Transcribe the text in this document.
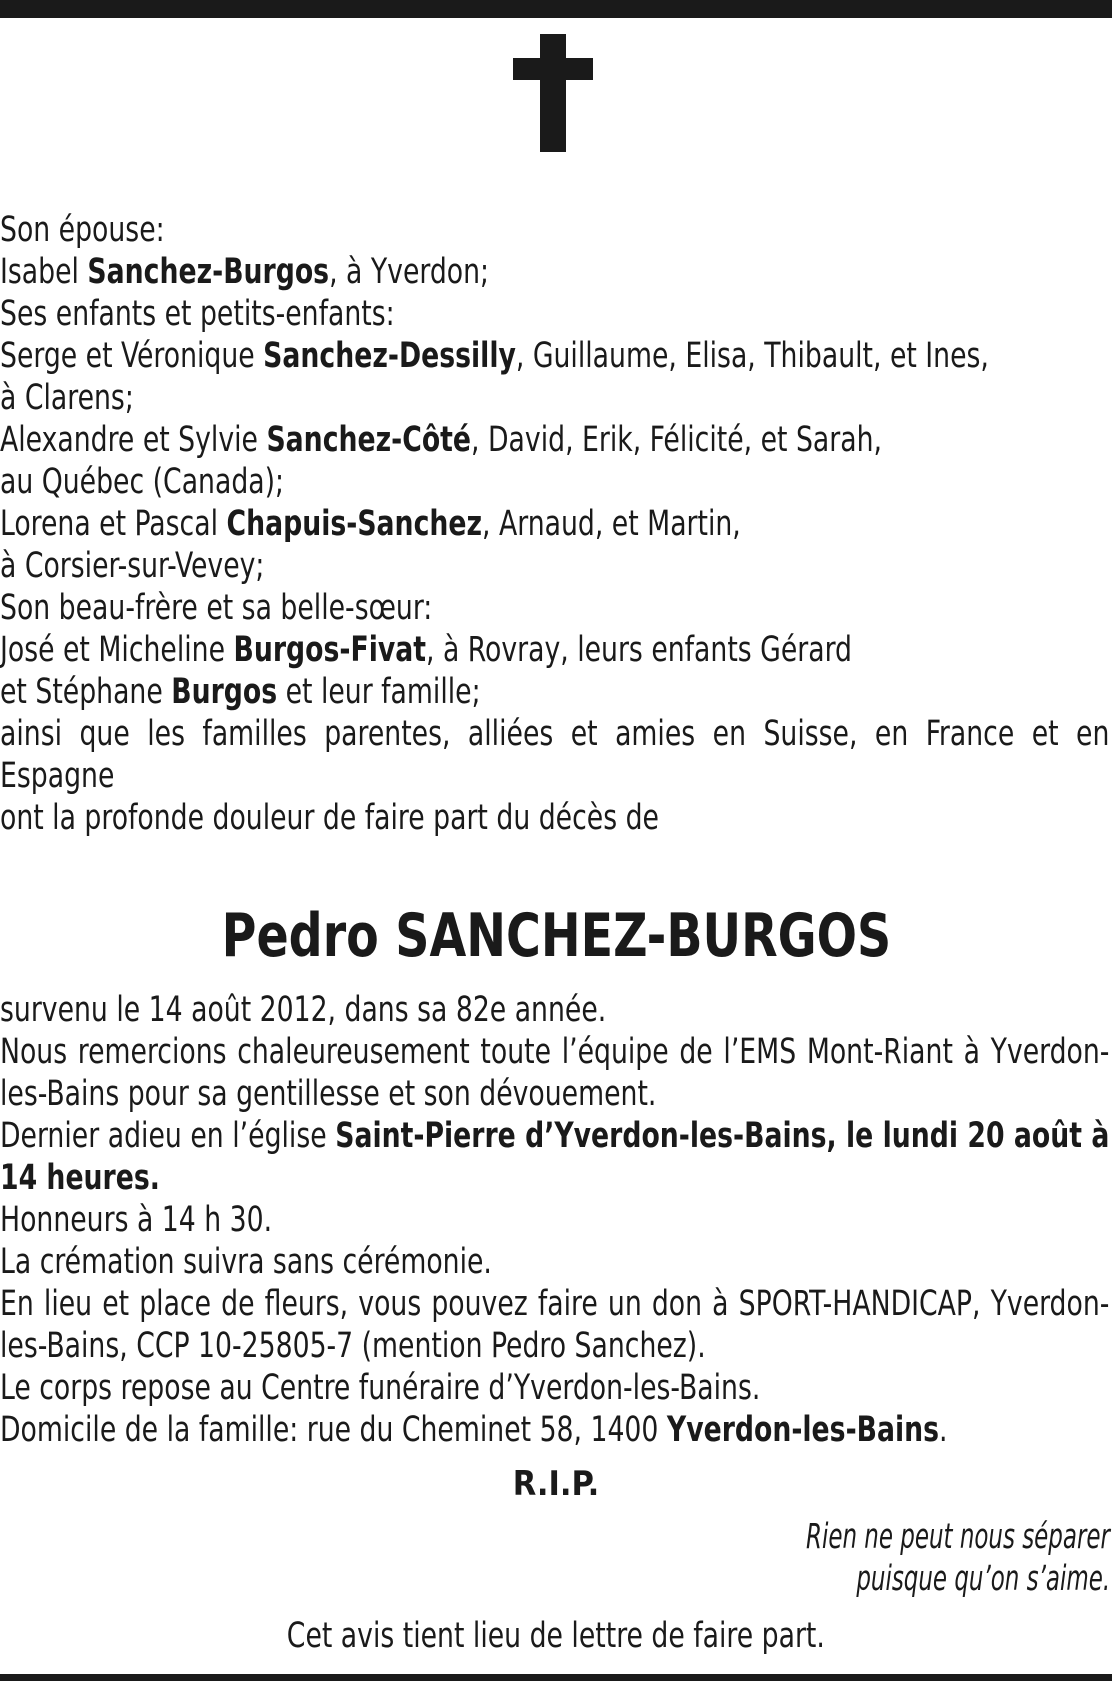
Son épouse:

Isabel Sanchez-Burgos, à Yverdon;

Ses enfants et petits-enfants:

Serge et Véronique Sanchez-Dessilly, Guillaume, Elisa, Thibault, et Ines,

à Clarens;

Alexandre et Sylvie Sanchez-Côté, David, Erik, Félicité, et Sarah,

au Québec (Canada);

Lorena et Pascal Chapuis-Sanchez, Arnaud, et Martin,

à Corsier-sur-Vevey;

Son beau-frère et sa belle-sœur:

José et Micheline Burgos-Fivat, à Rovray, leurs enfants Gérard

et Stéphane Burgos et leur famille;

ainsi que les familles parentes, alliées et amies en Suisse, en France et en Espagne

ont la profonde douleur de faire part du décès de

Pedro SANCHEZ-BURGOS

survenu le 14 août 2012, dans sa 82e année.

Nous remercions chaleureusement toute l’équipe de l’EMS Mont-Riant à Yverdon-les-Bains pour sa gentillesse et son dévouement.

Dernier adieu en l’église Saint-Pierre d’Yverdon-les-Bains, le lundi 20 août à 14 heures.

Honneurs à 14 h 30.

La crémation suivra sans cérémonie.

En lieu et place de fleurs, vous pouvez faire un don à SPORT-HANDICAP, Yverdon-les-Bains, CCP 10-25805-7 (mention Pedro Sanchez).

Le corps repose au Centre funéraire d’Yverdon-les-Bains.

Domicile de la famille: rue du Cheminet 58, 1400 Yverdon-les-Bains.

R.I.P.
Rien ne peut nous séparer
puisque qu’on s’aime.
Cet avis tient lieu de lettre de faire part.
